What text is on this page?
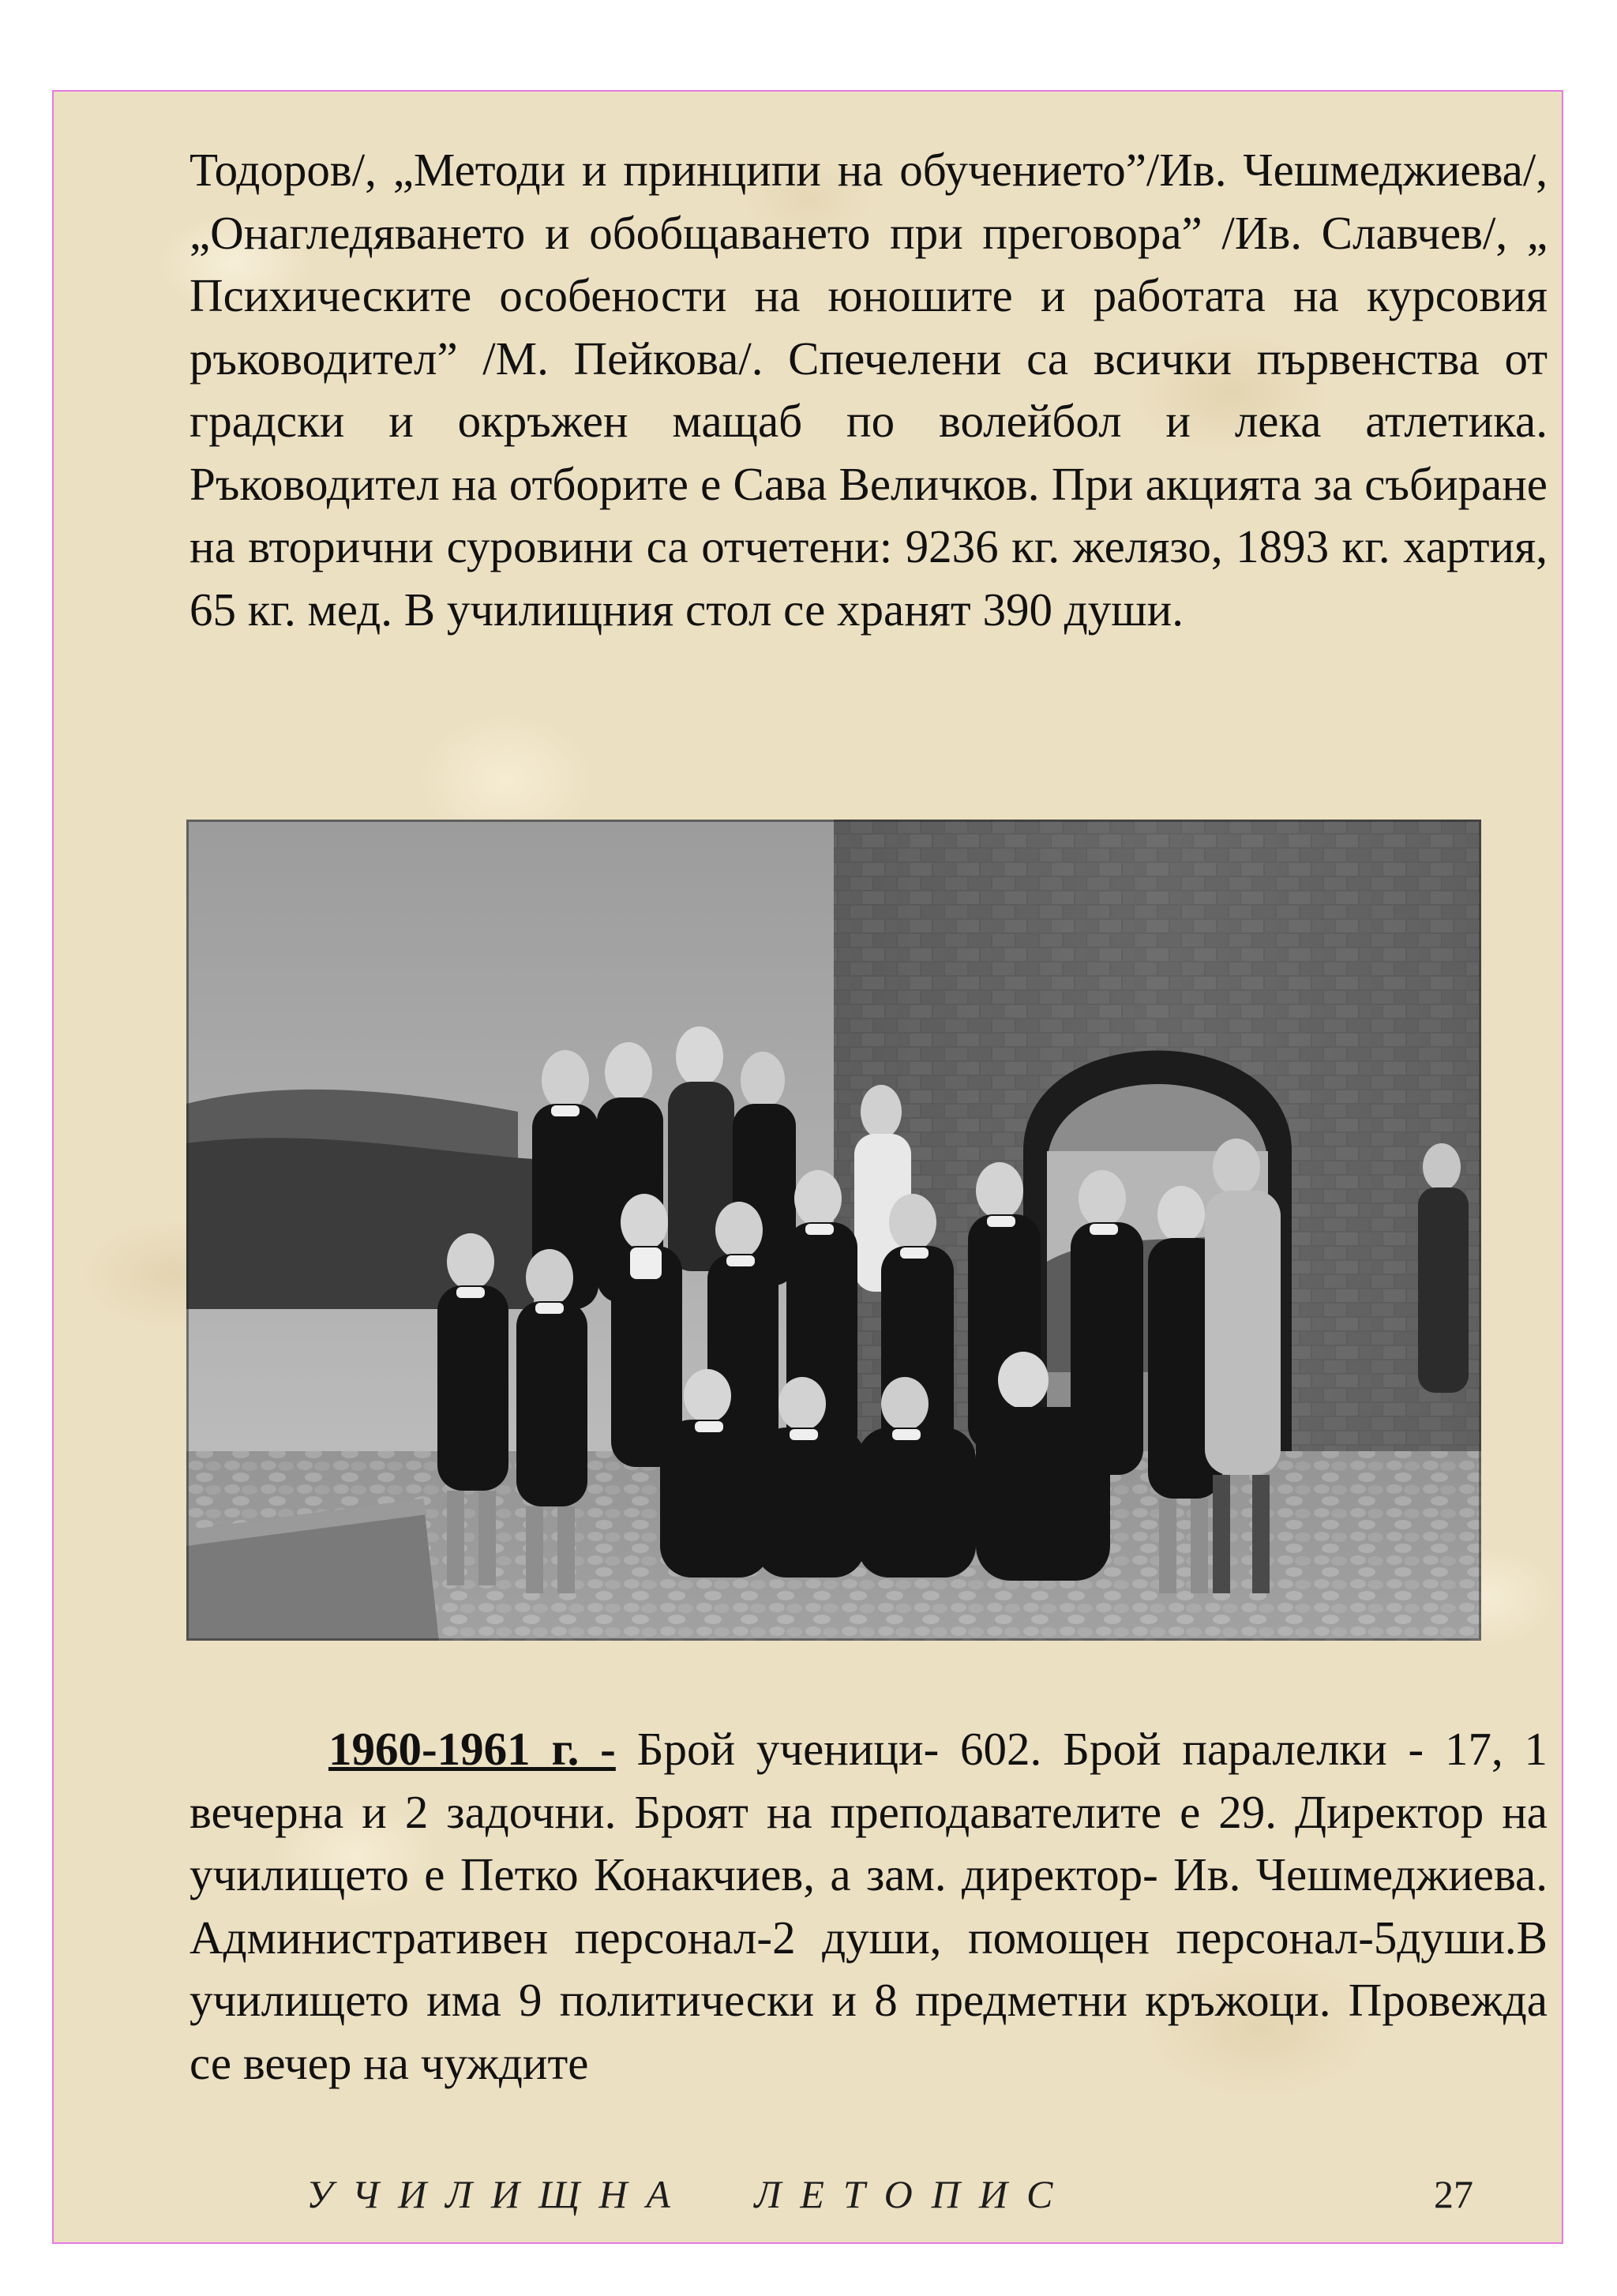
Тодоров/, „Методи и принципи на обучението”/Ив. Чешмеджиева/, „Онагледяването и обобщаването при преговора” /Ив. Славчев/, „ Психическите особености на юношите и работата на курсовия ръководител” /М. Пейкова/. Спечелени са всички първенства от градски и окръжен мащаб по волейбол и лека атлетика. Ръководител на отборите е Сава Величков. При акцията за събиране на вторични суровини са отчетени: 9236 кг. желязо, 1893 кг. хартия, 65 кг. мед. В училищния стол се хранят 390 души.

1960-1961 г. - Брой ученици- 602. Брой паралелки - 17, 1 вечерна и 2 задочни. Броят на преподавателите е 29. Директор на училището е Петко Конакчиев, а зам. директор- Ив. Чешмеджиева. Административен персонал-2 души, помощен персонал-5души.В училището има 9 политически и 8 предметни кръжоци. Провежда се вечер на чуждите

УЧИЛИЩНА ЛЕТОПИС	27
